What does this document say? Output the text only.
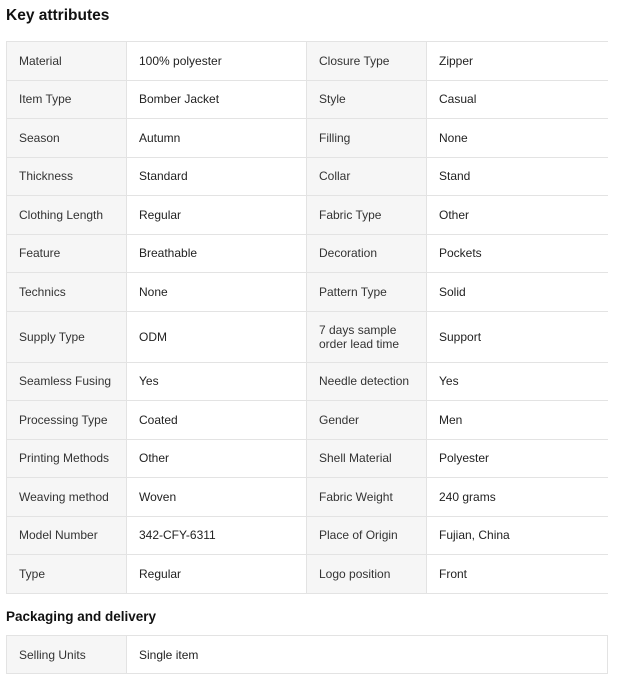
Key attributes
Material	100% polyester	Closure Type	Zipper
Item Type	Bomber Jacket	Style	Casual
Season	Autumn	Filling	None
Thickness	Standard	Collar	Stand
Clothing Length	Regular	Fabric Type	Other
Feature	Breathable	Decoration	Pockets
Technics	None	Pattern Type	Solid
Supply Type	ODM	7 days sample order lead time	Support
Seamless Fusing	Yes	Needle detection	Yes
Processing Type	Coated	Gender	Men
Printing Methods	Other	Shell Material	Polyester
Weaving method	Woven	Fabric Weight	240 grams
Model Number	342-CFY-6311	Place of Origin	Fujian, China
Type	Regular	Logo position	Front
Packaging and delivery
Selling Units	Single item
